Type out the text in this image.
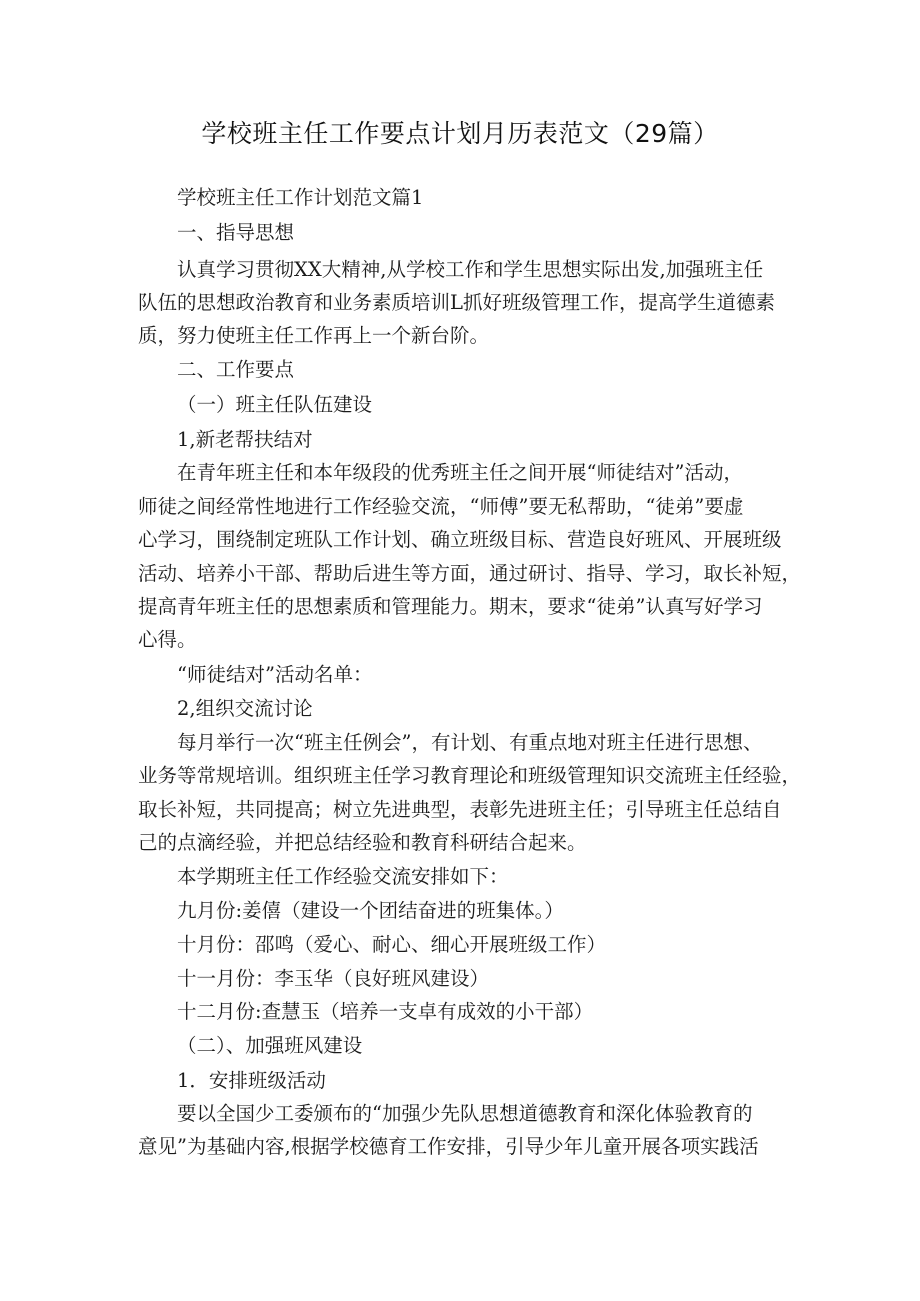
学校班主任工作要点计划月历表范文（29篇）
学校班主任工作计划范文篇1
一、指导思想
认真学习贯彻XX大精神,从学校工作和学生思想实际出发,加强班主任
队伍的思想政治教育和业务素质培训L抓好班级管理工作，提高学生道德素
质，努力使班主任工作再上一个新台阶。
二、工作要点
（一）班主任队伍建设
1,新老帮扶结对
在青年班主任和本年级段的优秀班主任之间开展“师徒结对”活动，
师徒之间经常性地进行工作经验交流，“师傅”要无私帮助，“徒弟”要虚
心学习，围绕制定班队工作计划、确立班级目标、营造良好班风、开展班级
活动、培养小干部、帮助后进生等方面，通过研讨、指导、学习，取长补短，
提高青年班主任的思想素质和管理能力。期末，要求“徒弟”认真写好学习
心得。
“师徒结对”活动名单：
2,组织交流讨论
每月举行一次“班主任例会”，有计划、有重点地对班主任进行思想、
业务等常规培训。组织班主任学习教育理论和班级管理知识交流班主任经验，
取长补短，共同提高；树立先进典型，表彰先进班主任；引导班主任总结自
己的点滴经验，并把总结经验和教育科研结合起来。
本学期班主任工作经验交流安排如下：
九月份:姜僖（建设一个团结奋进的班集体。）
十月份：邵鸣（爱心、耐心、细心开展班级工作）
十一月份：李玉华（良好班风建设）
十二月份:查慧玉（培养一支卓有成效的小干部）
（二）、加强班风建设
1．安排班级活动
要以全国少工委颁布的“加强少先队思想道德教育和深化体验教育的
意见”为基础内容,根据学校德育工作安排，引导少年儿童开展各项实践活
